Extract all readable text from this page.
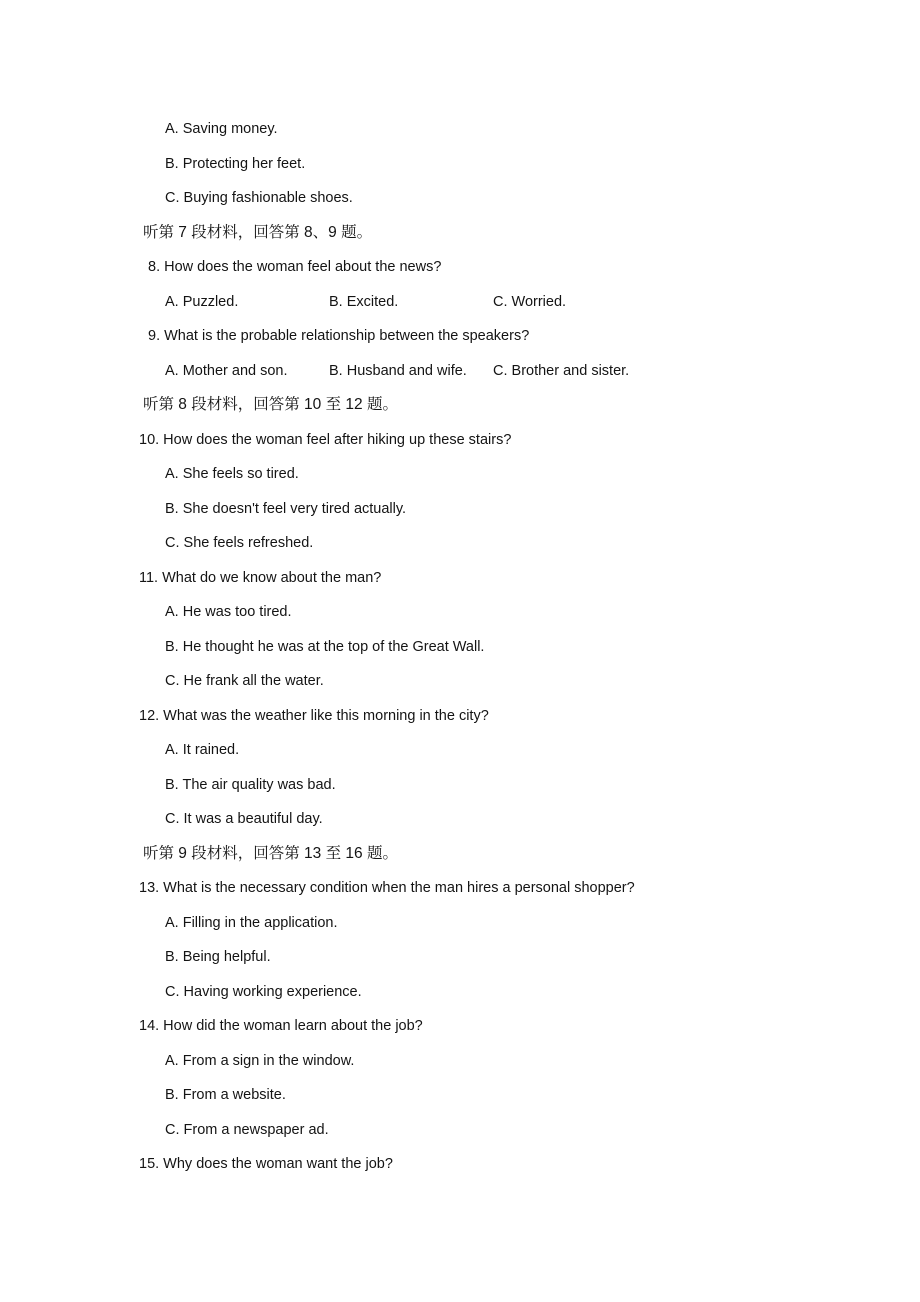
A. Saving money.
B. Protecting her feet.
C. Buying fashionable shoes.
听第 7 段材料，回答第 8、9 题。
8. How does the woman feel about the news?
A. Puzzled.	B. Excited.	C. Worried.
9. What is the probable relationship between the speakers?
A. Mother and son.	B. Husband and wife. C. Brother and sister.
听第 8 段材料，回答第 10 至 12 题。
10. How does the woman feel after hiking up these stairs?
A. She feels so tired.
B. She doesn't feel very tired actually.
C. She feels refreshed.
11. What do we know about the man?
A. He was too tired.
B. He thought he was at the top of the Great Wall.
C. He frank all the water.
12. What was the weather like this morning in the city?
A. It rained.
B. The air quality was bad.
C. It was a beautiful day.
听第 9 段材料，回答第 13 至 16 题。
13. What is the necessary condition when the man hires a personal shopper?
A. Filling in the application.
B. Being helpful.
C. Having working experience.
14. How did the woman learn about the job?
A. From a sign in the window.
B. From a website.
C. From a newspaper ad.
15. Why does the woman want the job?
